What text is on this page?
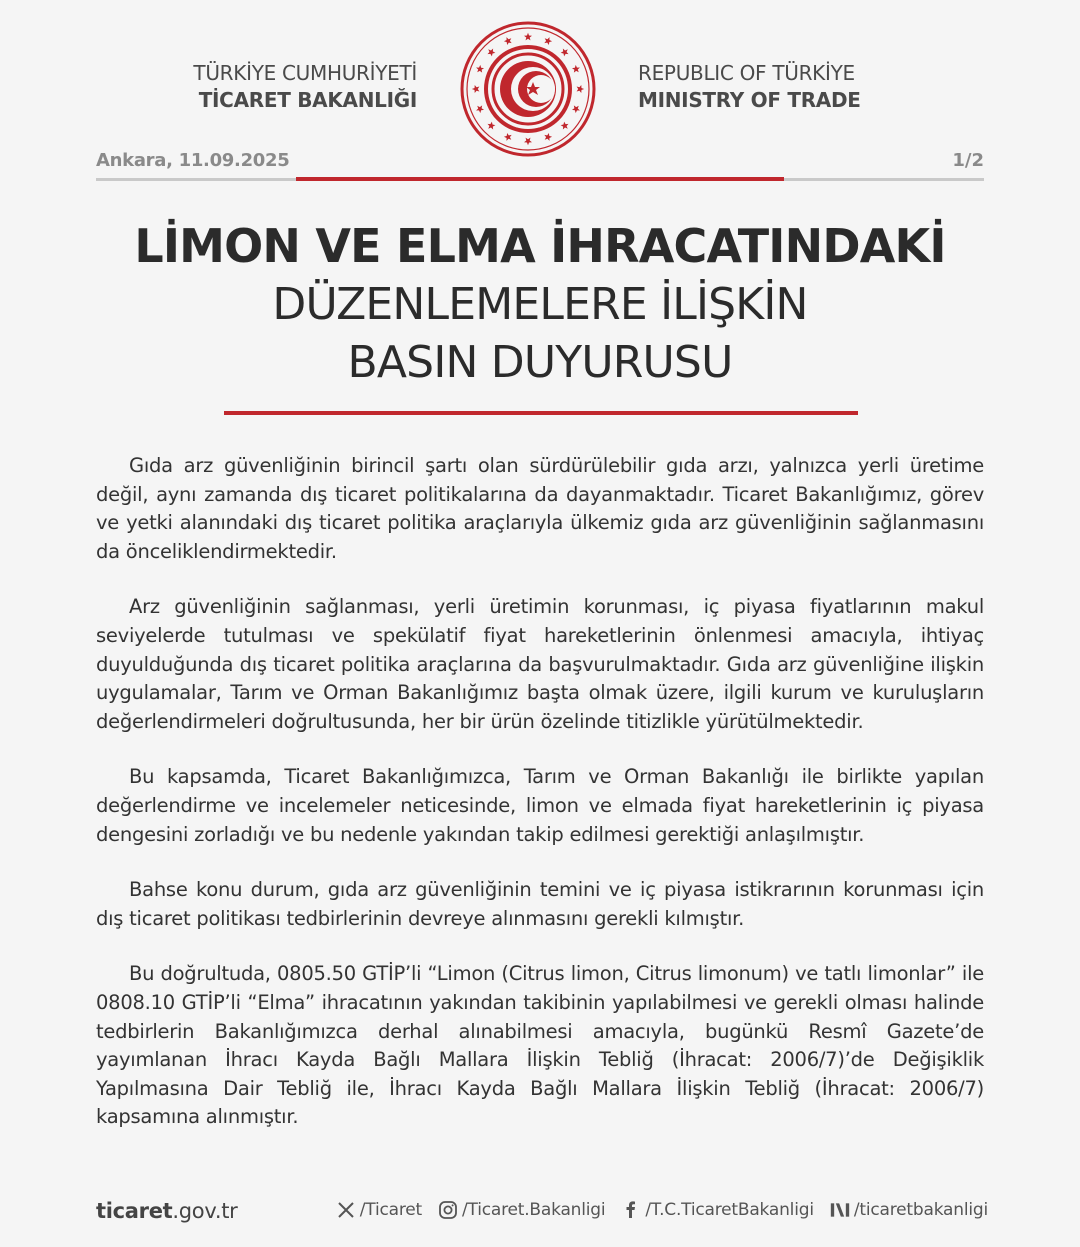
TÜRKİYE CUMHURİYETİ
TİCARET BAKANLIĞI
REPUBLIC OF TÜRKİYE
MINISTRY OF TRADE
Ankara, 11.09.2025	1/2
LİMON VE ELMA İHRACATINDAKİ
DÜZENLEMELERE İLİŞKİN
BASIN DUYURUSU

Gıda arz güvenliğinin birincil şartı olan sürdürülebilir gıda arzı, yalnızca yerli üretime değil, aynı zamanda dış ticaret politikalarına da dayanmaktadır. Ticaret Bakanlığımız, görev ve yetki alanındaki dış ticaret politika araçlarıyla ülkemiz gıda arz güvenliğinin sağlanmasını da önceliklendirmektedir.

Arz güvenliğinin sağlanması, yerli üretimin korunması, iç piyasa fiyatlarının makul seviyelerde tutulması ve spekülatif fiyat hareketlerinin önlenmesi amacıyla, ihtiyaç duyulduğunda dış ticaret politika araçlarına da başvurulmaktadır. Gıda arz güvenliğine ilişkin uygulamalar, Tarım ve Orman Bakanlığımız başta olmak üzere, ilgili kurum ve kuruluşların değerlendirmeleri doğrultusunda, her bir ürün özelinde titizlikle yürütülmektedir.

Bu kapsamda, Ticaret Bakanlığımızca, Tarım ve Orman Bakanlığı ile birlikte yapılan değerlendirme ve incelemeler neticesinde, limon ve elmada fiyat hareketlerinin iç piyasa dengesini zorladığı ve bu nedenle yakından takip edilmesi gerektiği anlaşılmıştır.

Bahse konu durum, gıda arz güvenliğinin temini ve iç piyasa istikrarının korunması için dış ticaret politikası tedbirlerinin devreye alınmasını gerekli kılmıştır.

Bu doğrultuda, 0805.50 GTİP’li “Limon (Citrus limon, Citrus limonum) ve tatlı limonlar” ile 0808.10 GTİP’li “Elma” ihracatının yakından takibinin yapılabilmesi ve gerekli olması halinde tedbirlerin Bakanlığımızca derhal alınabilmesi amacıyla, bugünkü Resmî Gazete’de yayımlanan İhracı Kayda Bağlı Mallara İlişkin Tebliğ (İhracat: 2006/7)’de Değişiklik Yapılmasına Dair Tebliğ ile, İhracı Kayda Bağlı Mallara İlişkin Tebliğ (İhracat: 2006/7) kapsamına alınmıştır.

ticaret.gov.tr	/Ticaret /Ticaret.Bakanligi /T.C.TicaretBakanligi /ticaretbakanligi
